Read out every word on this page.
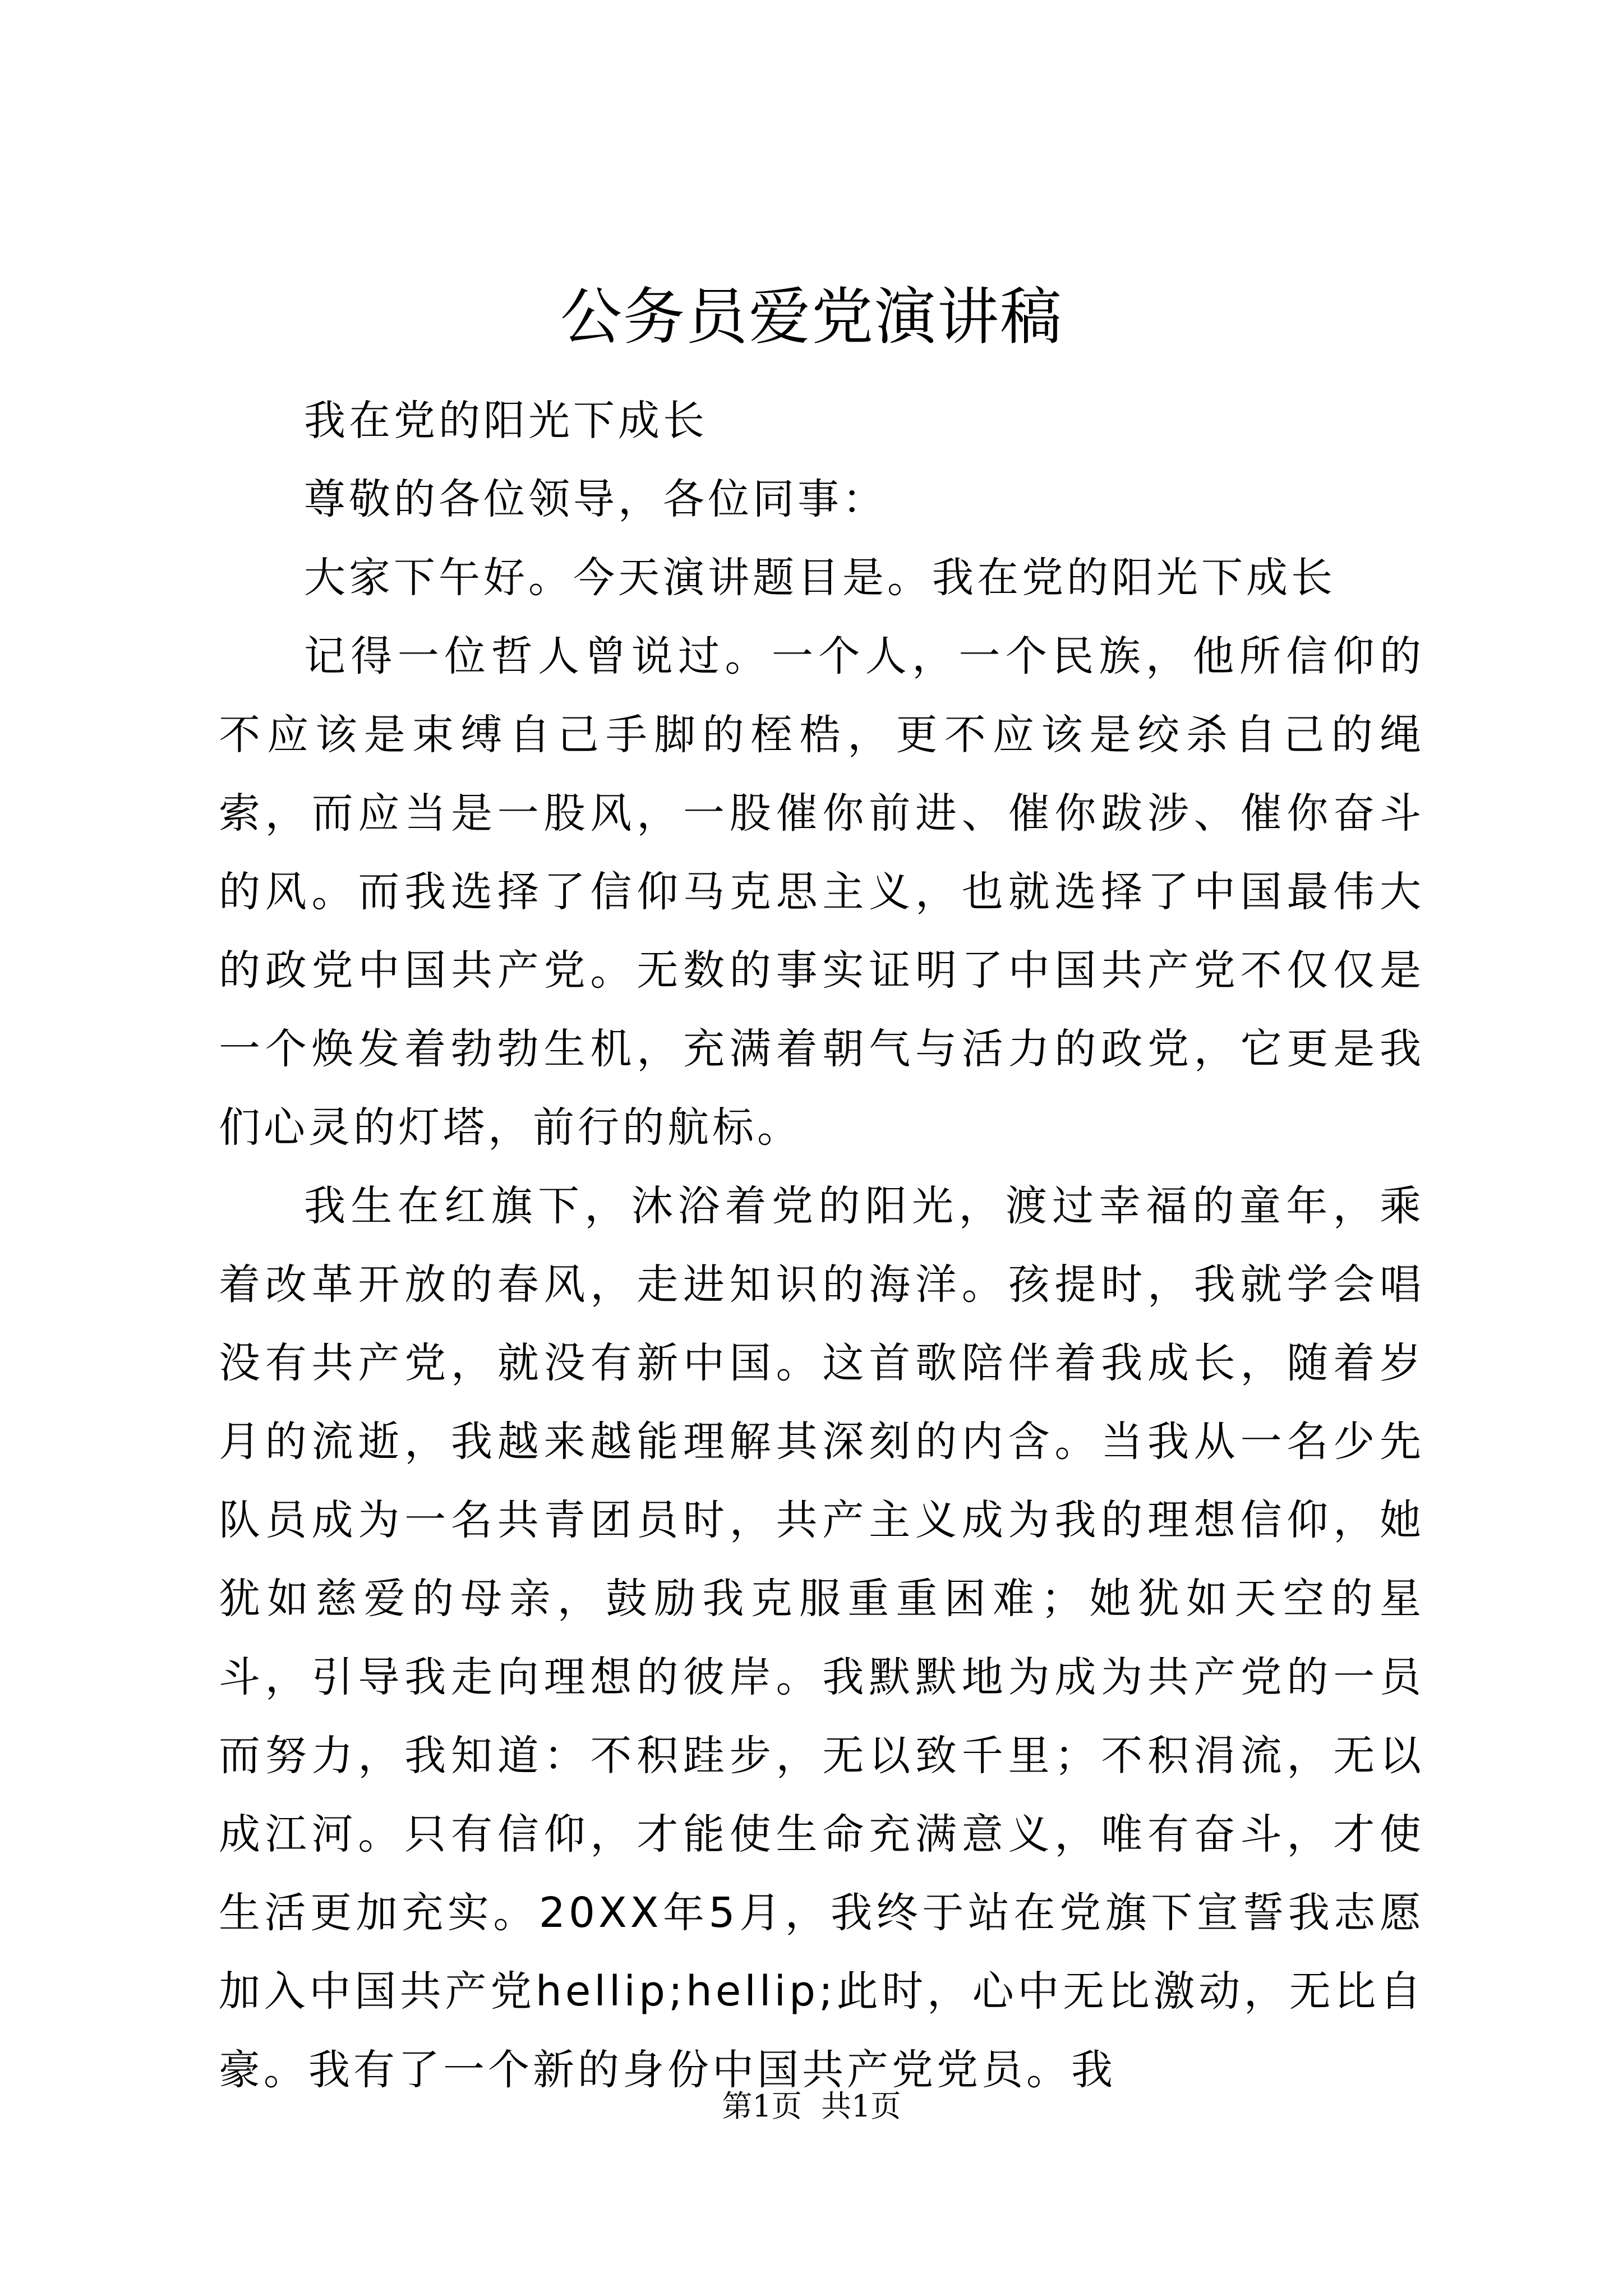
公务员爱党演讲稿

我在党的阳光下成长

尊敬的各位领导，各位同事：

大家下午好。今天演讲题目是。我在党的阳光下成长

记得一位哲人曾说过。一个人，一个民族，他所信仰的不应该是束缚自己手脚的桎梏，更不应该是绞杀自己的绳索，而应当是一股风，一股催你前进、催你跋涉、催你奋斗的风。而我选择了信仰马克思主义，也就选择了中国最伟大的政党中国共产党。无数的事实证明了中国共产党不仅仅是一个焕发着勃勃生机，充满着朝气与活力的政党，它更是我们心灵的灯塔，前行的航标。

我生在红旗下，沐浴着党的阳光，渡过幸福的童年，乘着改革开放的春风，走进知识的海洋。孩提时，我就学会唱没有共产党，就没有新中国。这首歌陪伴着我成长，随着岁月的流逝，我越来越能理解其深刻的内含。当我从一名少先队员成为一名共青团员时，共产主义成为我的理想信仰，她犹如慈爱的母亲，鼓励我克服重重困难；她犹如天空的星斗，引导我走向理想的彼岸。我默默地为成为共产党的一员而努力，我知道：不积跬步，无以致千里；不积涓流，无以成江河。只有信仰，才能使生命充满意义，唯有奋斗，才使生活更加充实。20XX年5月，我终于站在党旗下宣誓我志愿加入中国共产党hellip;hellip;此时，心中无比激动，无比自豪。我有了一个新的身份中国共产党党员。我

第1页  共1页
